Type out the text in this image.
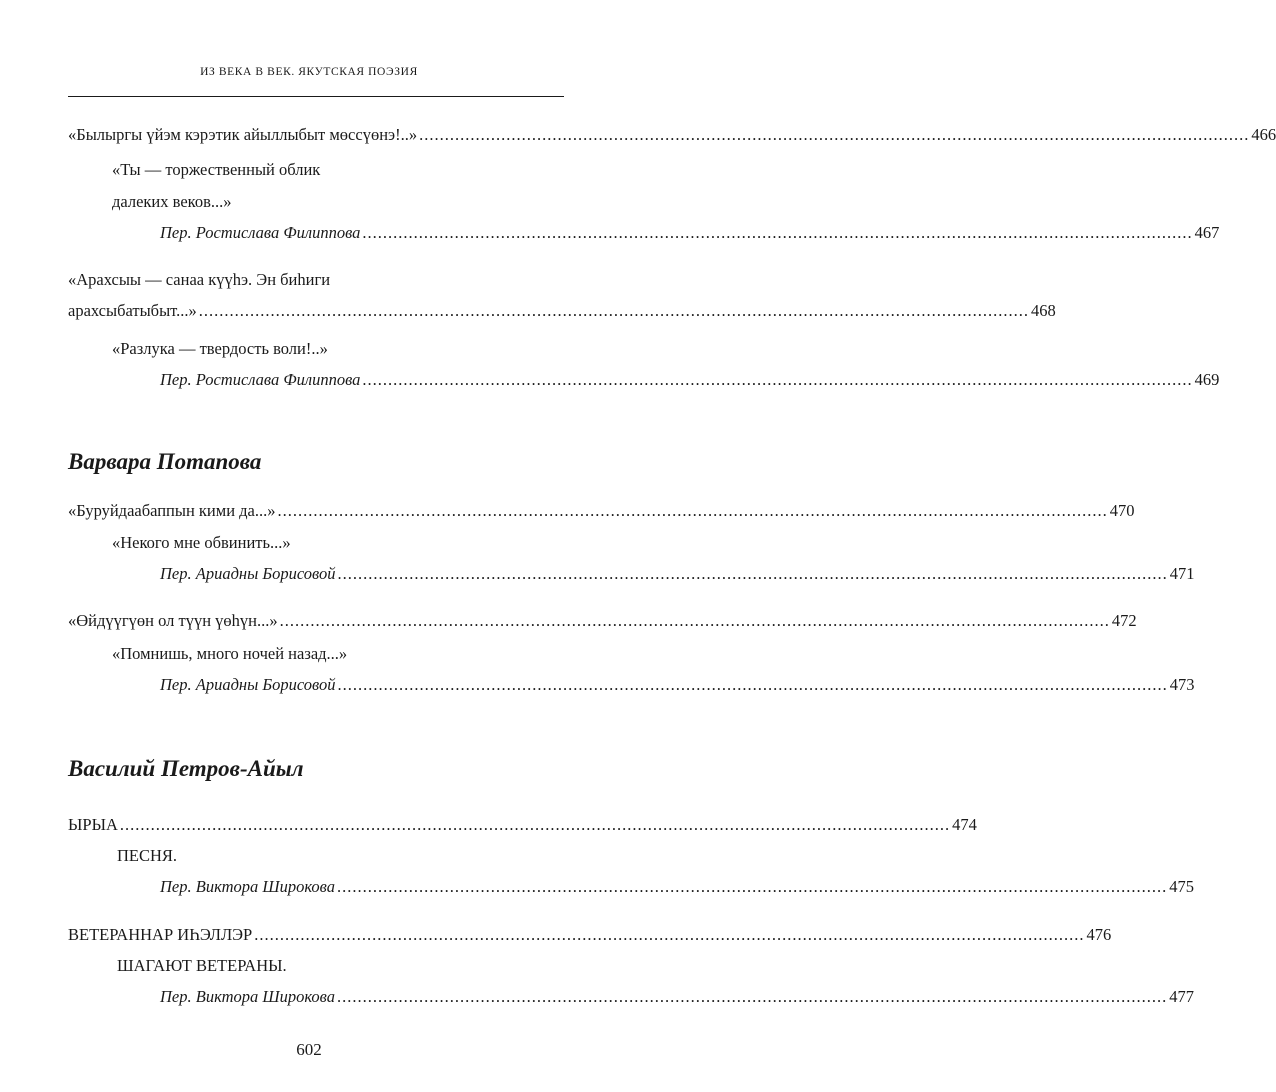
ИЗ ВЕКА В ВЕК. ЯКУТСКАЯ ПОЭЗИЯ
«Былыргы үйэм кэрэтик айыллыбыт мөссүөнэ!..» .................................................................................................................................................................. 466
«Ты — торжественный облик
далеких веков...»
Пер. Ростислава Филиппова .................................................................................................................................................................. 467
«Арахсыы — санаа күүһэ. Эн биһиги
арахсыбатыбыт...» .................................................................................................................................................................. 468
«Разлука — твердость воли!..»
Пер. Ростислава Филиппова .................................................................................................................................................................. 469
Варвара Потапова
«Буруйдаабаппын кими да...» .................................................................................................................................................................. 470
«Некого мне обвинить...»
Пер. Ариадны Борисовой .................................................................................................................................................................. 471
«Өйдүүгүөн ол түүн үөһүн...» .................................................................................................................................................................. 472
«Помнишь, много ночей назад...»
Пер. Ариадны Борисовой .................................................................................................................................................................. 473
Василий Петров-Айыл
ЫРЫА .................................................................................................................................................................. 474
ПЕСНЯ.
Пер. Виктора Широкова .................................................................................................................................................................. 475
ВЕТЕРАННАР ИҺЭЛЛЭР .................................................................................................................................................................. 476
ШАГАЮТ ВЕТЕРАНЫ.
Пер. Виктора Широкова .................................................................................................................................................................. 477
602
